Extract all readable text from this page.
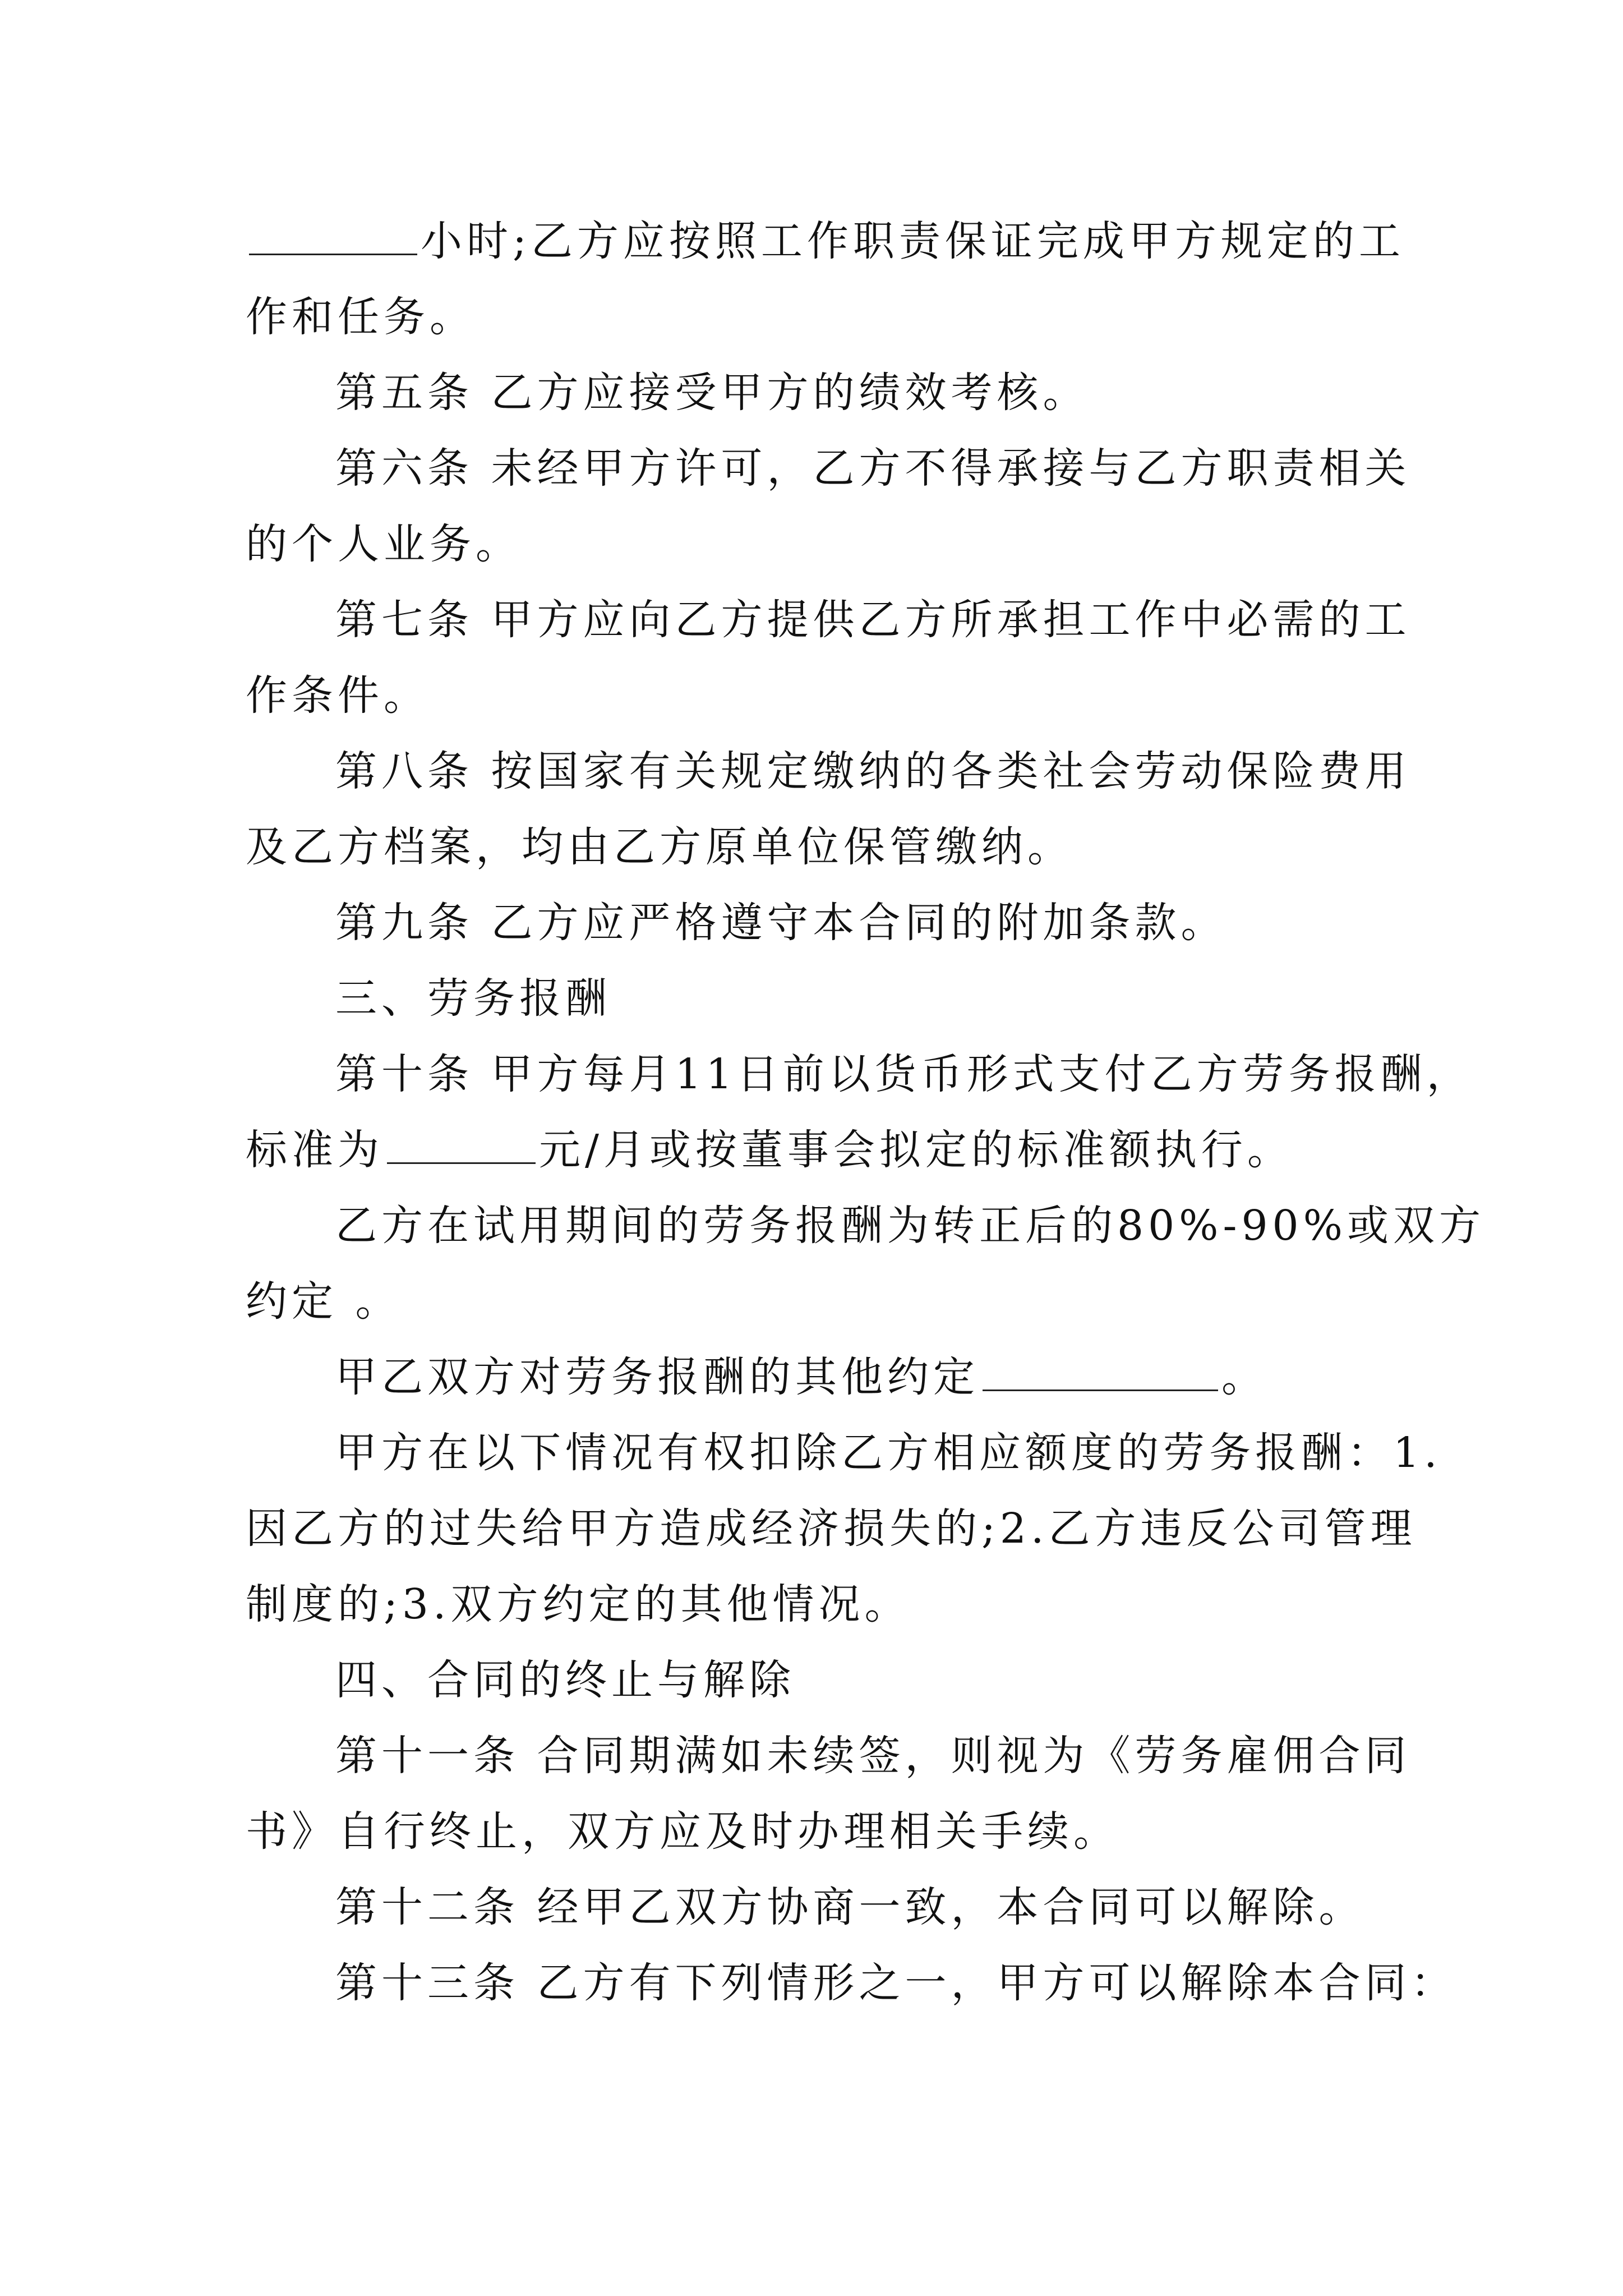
小时;乙方应按照工作职责保证完成甲方规定的工
作和任务。
第五条 乙方应接受甲方的绩效考核。
第六条 未经甲方许可，乙方不得承接与乙方职责相关
的个人业务。
第七条 甲方应向乙方提供乙方所承担工作中必需的工
作条件。
第八条 按国家有关规定缴纳的各类社会劳动保险费用
及乙方档案，均由乙方原单位保管缴纳。
第九条 乙方应严格遵守本合同的附加条款。
三、劳务报酬
第十条 甲方每月11日前以货币形式支付乙方劳务报酬，
标准为	元/月或按董事会拟定的标准额执行。
乙方在试用期间的劳务报酬为转正后的80%-90%或双方
约定 。
甲乙双方对劳务报酬的其他约定	。
甲方在以下情况有权扣除乙方相应额度的劳务报酬：1.
因乙方的过失给甲方造成经济损失的;2.乙方违反公司管理
制度的;3.双方约定的其他情况。
四、合同的终止与解除
第十一条 合同期满如未续签，则视为《劳务雇佣合同
书》自行终止，双方应及时办理相关手续。
第十二条 经甲乙双方协商一致，本合同可以解除。
第十三条 乙方有下列情形之一，甲方可以解除本合同：
